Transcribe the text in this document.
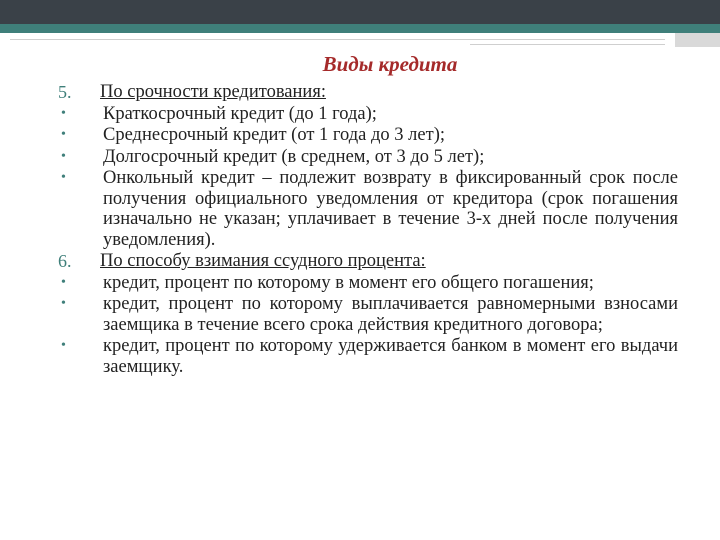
Виды кредита
5.	По срочности кредитования:
•	Краткосрочный кредит (до 1 года);
•	Среднесрочный кредит (от 1 года до 3 лет);
•	Долгосрочный кредит (в среднем, от 3 до 5 лет);
•	Онкольный кредит – подлежит возврату в фиксированный срок после получения официального уведомления от кредитора (срок погашения изначально не указан; уплачивает в течение 3-х дней после получения уведомления).
6.	По способу взимания ссудного процента:
•	кредит, процент по которому в момент его общего погашения;
•	кредит, процент по которому выплачивается равномерными взносами заемщика в течение всего срока действия кредитного договора;
•	кредит, процент по которому удерживается банком в момент его выдачи заемщику.
